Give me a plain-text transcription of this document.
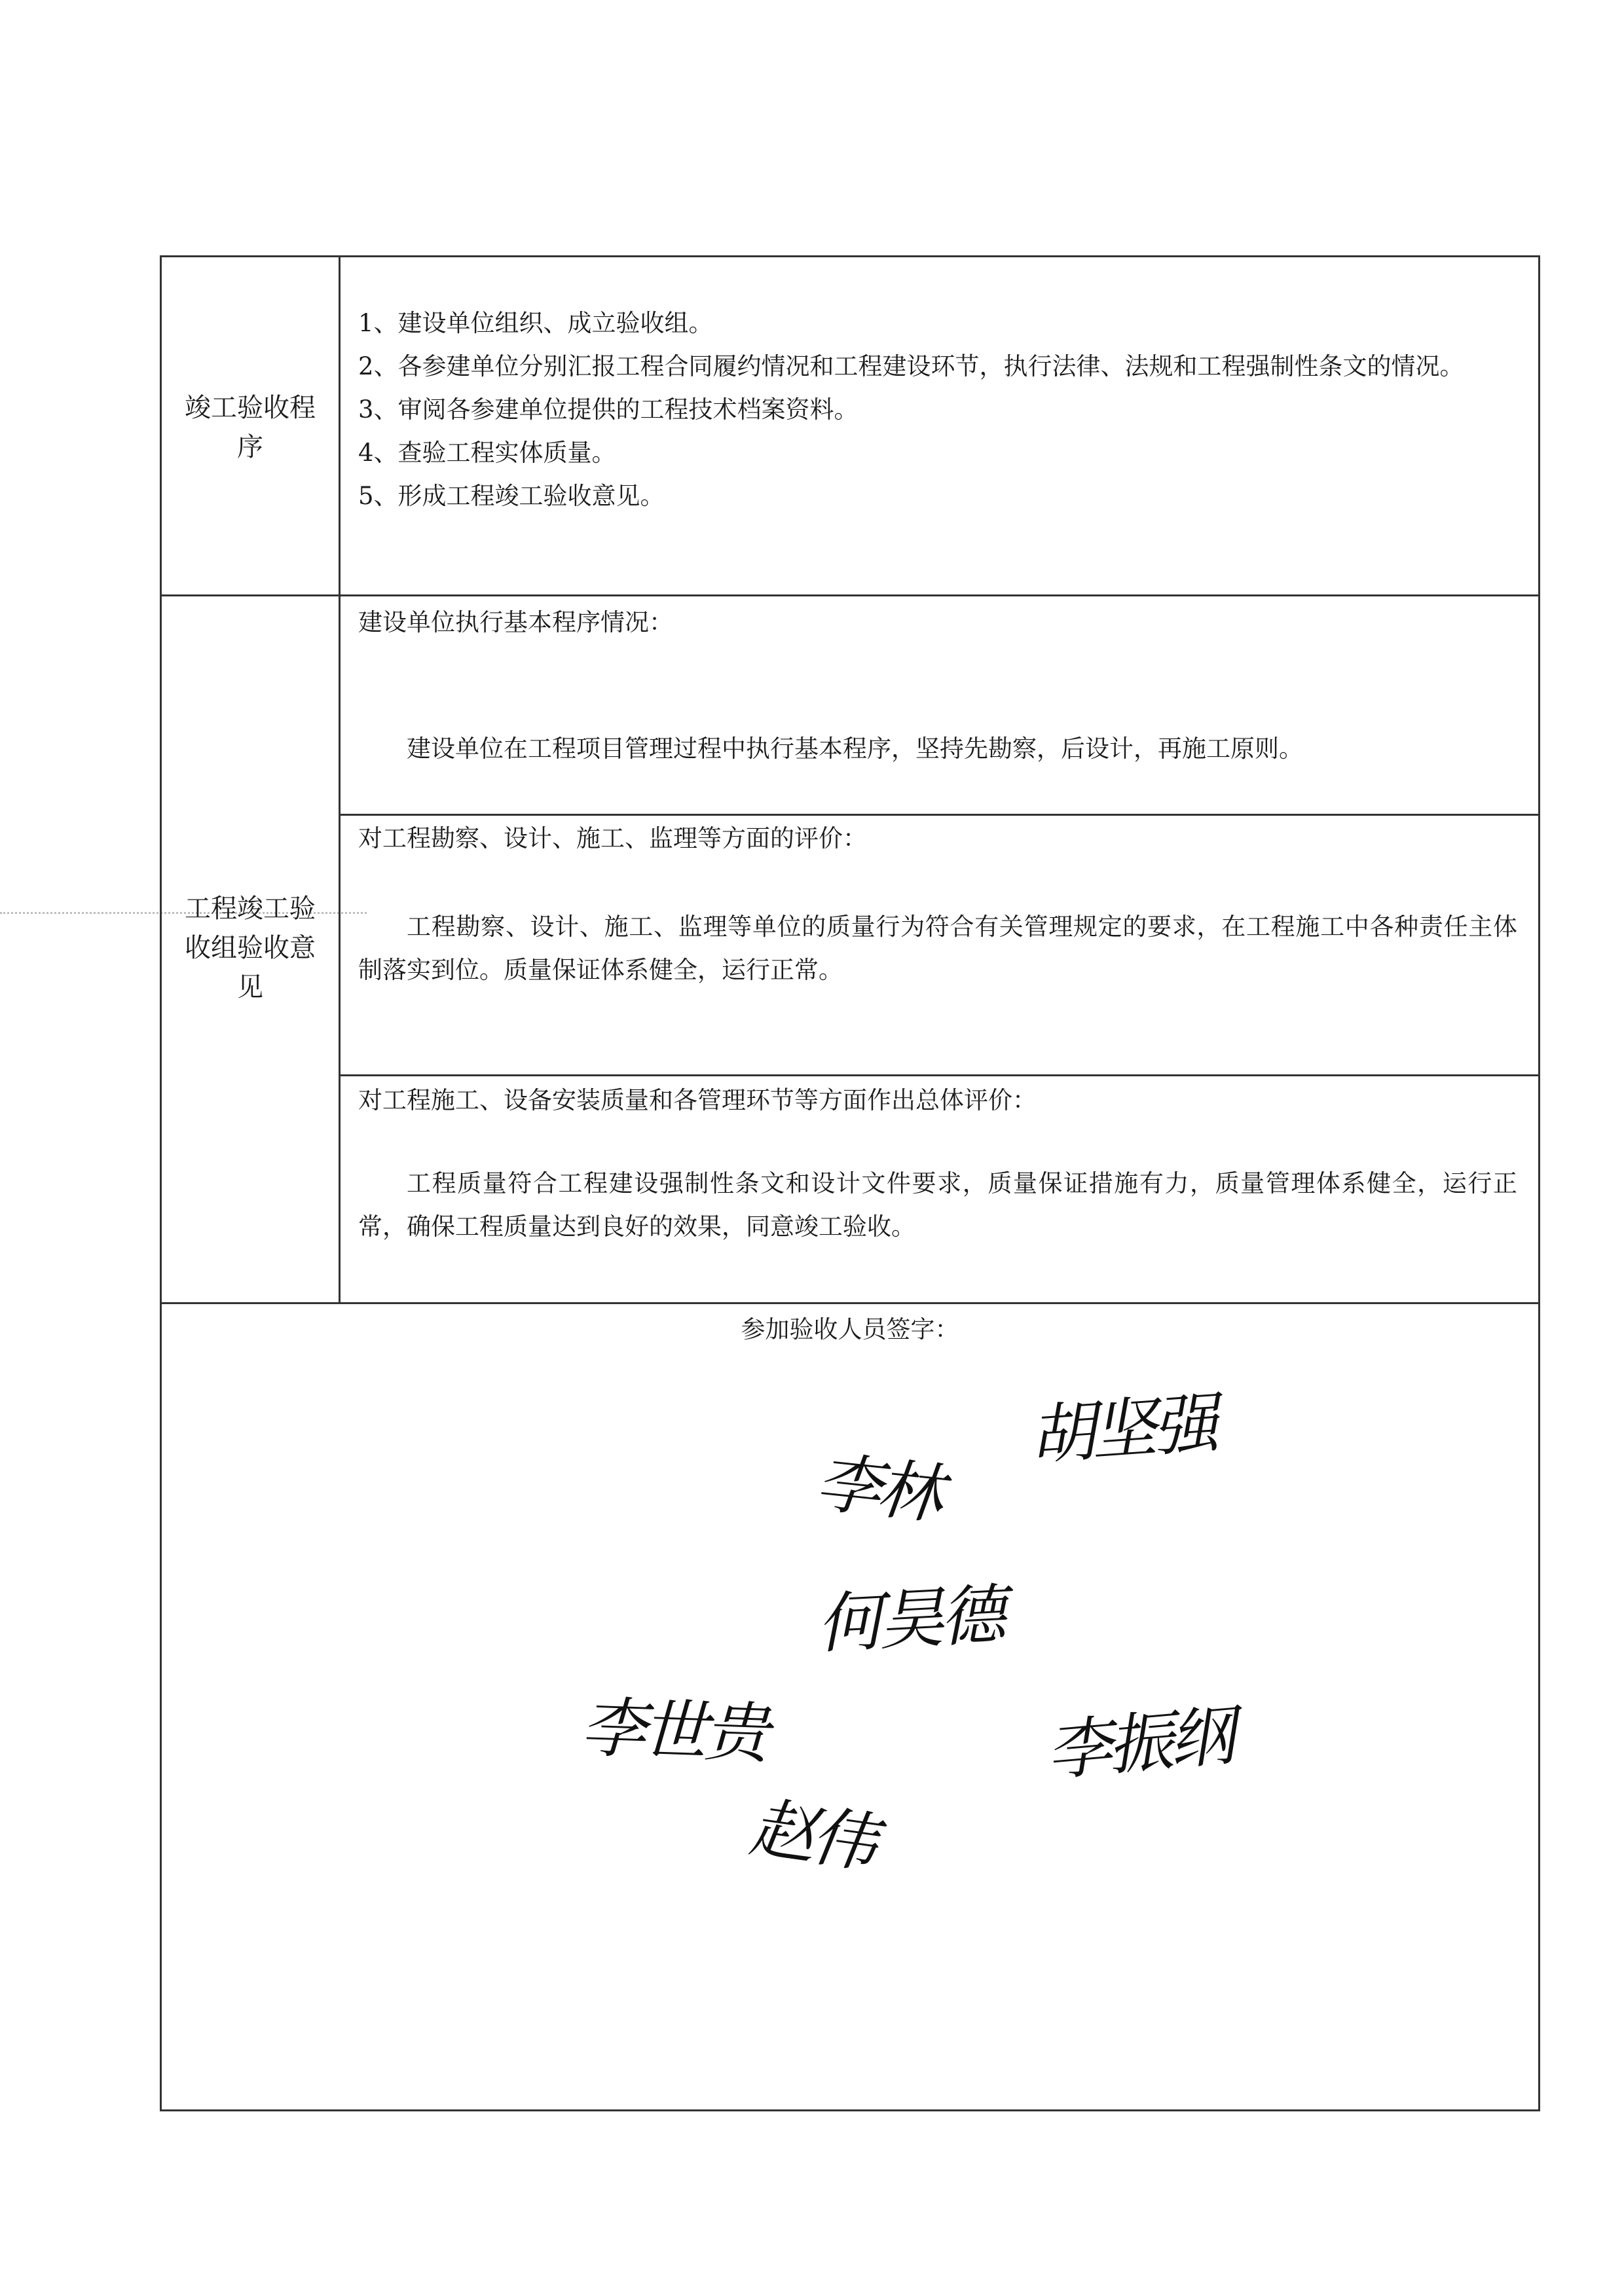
竣工验收程序
1、建设单位组织、成立验收组。
2、各参建单位分别汇报工程合同履约情况和工程建设环节，执行法律、法规和工程强制性条文的情况。
3、审阅各参建单位提供的工程技术档案资料。
4、查验工程实体质量。
5、形成工程竣工验收意见。
工程竣工验收组验收意见
建设单位执行基本程序情况：
建设单位在工程项目管理过程中执行基本程序，坚持先勘察，后设计，再施工原则。
对工程勘察、设计、施工、监理等方面的评价：
工程勘察、设计、施工、监理等单位的质量行为符合有关管理规定的要求，在工程施工中各种责任主体制落实到位。质量保证体系健全，运行正常。
对工程施工、设备安装质量和各管理环节等方面作出总体评价：
工程质量符合工程建设强制性条文和设计文件要求，质量保证措施有力，质量管理体系健全，运行正常，确保工程质量达到良好的效果，同意竣工验收。
参加验收人员签字：
胡坚强
李林
何昊德
李世贵	李振纲
赵伟
